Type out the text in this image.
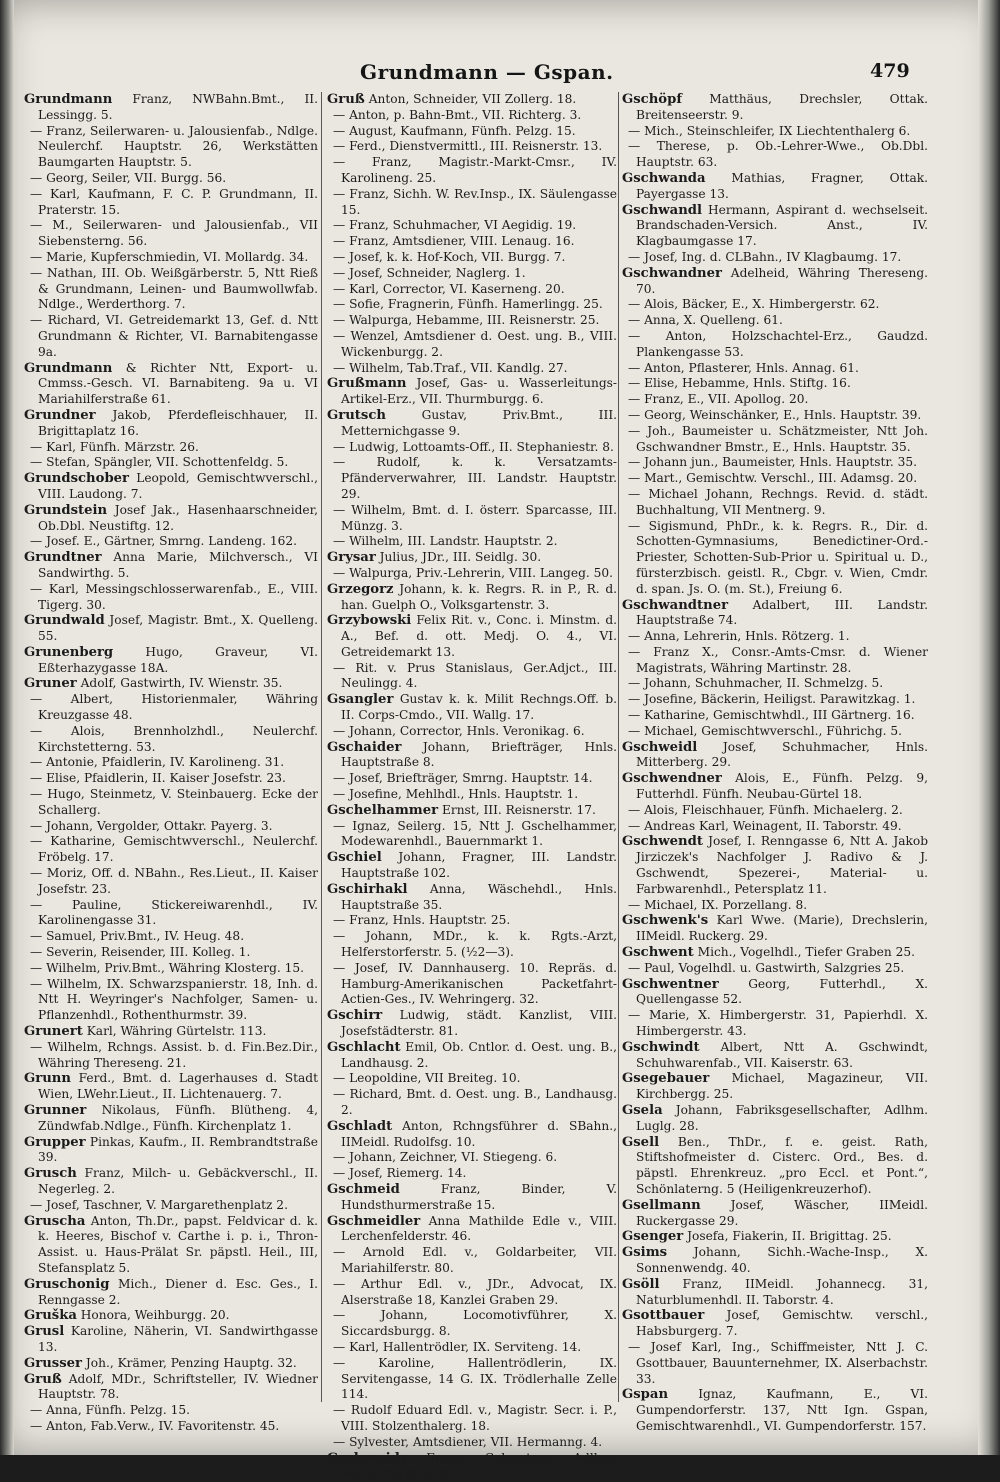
Grundmann — Gspan.	479

Grundmann Franz, NWBahn.Bmt., II. Lessingg. 5.

— Franz, Seilerwaren- u. Jalousienfab., Ndlge. Neulerchf. Hauptstr. 26, Werkstätten Baumgarten Hauptstr. 5.

— Georg, Seiler, VII. Burgg. 56.

— Karl, Kaufmann, F. C. P. Grundmann, II. Praterstr. 15.

— M., Seilerwaren- und Jalousienfab., VII Siebensterng. 56.

— Marie, Kupferschmiedin, VI. Mollardg. 34.

— Nathan, III. Ob. Weißgärberstr. 5, Ntt Rieß & Grundmann, Leinen- und Baumwollwfab. Ndlge., Werderthorg. 7.

— Richard, VI. Getreidemarkt 13, Gef. d. Ntt Grundmann & Richter, VI. Barnabitengasse 9a.

Grundmann & Richter Ntt, Export- u. Cmmss.-Gesch. VI. Barnabiteng. 9a u. VI Mariahilferstraße 61.

Grundner Jakob, Pferdefleischhauer, II. Brigittaplatz 16.

— Karl, Fünfh. Märzstr. 26.

— Stefan, Spängler, VII. Schottenfeldg. 5.

Grundschober Leopold, Gemischtwverschl., VIII. Laudong. 7.

Grundstein Josef Jak., Hasenhaarschneider, Ob.Dbl. Neustiftg. 12.

— Josef. E., Gärtner, Smrng. Landeng. 162.

Grundtner Anna Marie, Milchversch., VI Sandwirthg. 5.

— Karl, Messingschlosserwarenfab., E., VIII. Tigerg. 30.

Grundwald Josef, Magistr. Bmt., X. Quelleng. 55.

Grunenberg	Hugo, Graveur, VI. Eßterhazygasse 18A.

Gruner Adolf, Gastwirth, IV. Wienstr. 35.

— Albert, Historienmaler, Währing Kreuzgasse 48.

— Alois, Brennholzhdl., Neulerchf. Kirchstetterng. 53.

— Antonie, Pfaidlerin, IV. Karolineng. 31.

— Elise, Pfaidlerin, II. Kaiser Josefstr. 23.

— Hugo, Steinmetz, V. Steinbauerg. Ecke der Schallerg.

— Johann, Vergolder, Ottakr. Payerg. 3.

— Katharine, Gemischtwverschl., Neulerchf. Fröbelg. 17.

— Moriz, Off. d. NBahn., Res.Lieut., II. Kaiser Josefstr. 23.

— Pauline, Stickereiwarenhdl., IV. Karolinengasse 31.

— Samuel, Priv.Bmt., IV. Heug. 48.

— Severin, Reisender, III. Kolleg. 1.

— Wilhelm, Priv.Bmt., Währing Klosterg. 15.

— Wilhelm, IX. Schwarzspanierstr. 18, Inh. d. Ntt H. Weyringer's Nachfolger, Samen- u. Pflanzenhdl., Rothenthurmstr. 39.

Grunert Karl, Währing Gürtelstr. 113.

— Wilhelm, Rchngs. Assist. b. d. Fin.Bez.Dir., Währing Thereseng. 21.

Grunn Ferd., Bmt. d. Lagerhauses d. Stadt Wien, LWehr.Lieut., II. Lichtenauerg. 7.

Grunner Nikolaus, Fünfh. Blütheng. 4, Zündwfab.Ndlge., Fünfh. Kirchenplatz 1.

Grupper Pinkas, Kaufm., II. Rembrandtstraße 39.

Grusch Franz, Milch- u. Gebäckverschl., II. Negerleg. 2.

— Josef, Taschner, V. Margarethenplatz 2.

Gruscha Anton, Th.Dr., papst. Feldvicar d. k. k. Heeres, Bischof v. Carthe i. p. i., Thron-Assist. u. Haus-Prälat Sr. päpstl. Heil., III, Stefansplatz 5.

Gruschonig Mich., Diener d. Esc. Ges., I. Renngasse 2.

Gruška Honora, Weihburgg. 20.

Grusl Karoline, Näherin, VI. Sandwirthgasse 13.

Grusser Joh., Krämer, Penzing Hauptg. 32.

Gruß Adolf, MDr., Schriftsteller, IV. Wiedner Hauptstr. 78.

— Anna, Fünfh. Pelzg. 15.

— Anton, Fab.Verw., IV. Favoritenstr. 45.

Gruß Anton, Schneider, VII Zollerg. 18.

— Anton, p. Bahn-Bmt., VII. Richterg. 3.

— August, Kaufmann, Fünfh. Pelzg. 15.

— Ferd., Dienstvermittl., III. Reisnerstr. 13.

— Franz, Magistr.-Markt-Cmsr., IV. Karolineng. 25.

— Franz, Sichh. W. Rev.Insp., IX. Säulengasse 15.

— Franz, Schuhmacher, VI Aegidig. 19.

— Franz, Amtsdiener, VIII. Lenaug. 16.

— Josef, k. k. Hof-Koch, VII. Burgg. 7.

— Josef, Schneider, Naglerg. 1.

— Karl, Corrector, VI. Kaserneng. 20.

— Sofie, Fragnerin, Fünfh. Hamerlingg. 25.

— Walpurga, Hebamme, III. Reisnerstr. 25.

— Wenzel, Amtsdiener d. Oest. ung. B., VIII. Wickenburgg. 2.

— Wilhelm, Tab.Traf., VII. Kandlg. 27.

Grußmann Josef, Gas- u. Wasserleitungs-Artikel-Erz., VII. Thurmburgg. 6.

Grutsch	Gustav, Priv.Bmt., III. Metternichgasse 9.

— Ludwig, Lottoamts-Off., II. Stephaniestr. 8.

— Rudolf, k. k. Versatzamts-Pfänderverwahrer, III. Landstr. Hauptstr. 29.

— Wilhelm, Bmt. d. I. österr. Sparcasse, III. Münzg. 3.

— Wilhelm, III. Landstr. Hauptstr. 2.

Grysar Julius, JDr., III. Seidlg. 30.

— Walpurga, Priv.-Lehrerin, VIII. Langeg. 50.

Grzegorz Johann, k. k. Regrs. R. in P., R. d. han. Guelph O., Volksgartenstr. 3.

Grzybowski Felix Rit. v., Conc. i. Minstm. d. A., Bef. d. ott. Medj. O. 4., VI. Getreidemarkt 13.

— Rit. v. Prus Stanislaus, Ger.Adjct., III. Neulingg. 4.

Gsangler Gustav k. k. Milit Rechngs.Off. b. II. Corps-Cmdo., VII. Wallg. 17.

— Johann, Corrector, Hnls. Veronikag. 6.

Gschaider Johann, Briefträger, Hnls. Hauptstraße 8.

— Josef, Briefträger, Smrng. Hauptstr. 14.

— Josefine, Mehlhdl., Hnls. Hauptstr. 1.

Gschelhammer Ernst, III. Reisnerstr. 17.

— Ignaz, Seilerg. 15, Ntt J. Gschelhammer, Modewarenhdl., Bauernmarkt 1.

Gschiel Johann, Fragner, III. Landstr. Hauptstraße 102.

Gschirhakl Anna, Wäschehdl., Hnls. Hauptstraße 35.

— Franz, Hnls. Hauptstr. 25.

— Johann, MDr., k. k. Rgts.-Arzt, Helferstorferstr. 5. (½2—3).

— Josef, IV. Dannhauserg. 10. Repräs. d. Hamburg-Amerikanischen Packetfahrt-Actien-Ges., IV. Wehringerg. 32.

Gschirr Ludwig, städt. Kanzlist, VIII. Josefstädterstr. 81.

Gschlacht Emil, Ob. Cntlor. d. Oest. ung. B., Landhausg. 2.

— Leopoldine, VII Breiteg. 10.

— Richard, Bmt. d. Oest. ung. B., Landhausg. 2.

Gschladt Anton, Rchngsführer d. SBahn., IIMeidl. Rudolfsg. 10.

— Johann, Zeichner, VI. Stiegeng. 6.

— Josef, Riemerg. 14.

Gschmeid	Franz, Binder, V. Hundsthurmerstraße 15.

Gschmeidler Anna Mathilde Edle v., VIII. Lerchenfelderstr. 46.

— Arnold Edl. v., Goldarbeiter, VII. Mariahilferstr. 80.

— Arthur Edl. v., JDr., Advocat, IX. Alserstraße 18, Kanzlei Graben 29.

— Johann, Locomotivführer, X. Siccardsburgg. 8.

— Karl, Hallentrödler, IX. Serviteng. 14.

— Karoline, Hallentrödlerin, IX. Servitengasse, 14 G. IX. Trödlerhalle Zelle 114.

— Rudolf Eduard Edl. v., Magistr. Secr. i. P., VIII. Stolzenthalerg. 18.

— Sylvester, Amtsdiener, VII. Hermanng. 4.

Gschmeidy Franz, Colporteur, Adlhm. Stättermayerg. 5.

Gschöpf Matthäus, Drechsler, Ottak. Breitenseerstr. 9.

— Mich., Steinschleifer, IX Liechtenthalerg 6.

— Therese, p. Ob.-Lehrer-Wwe., Ob.Dbl. Hauptstr. 63.

Gschwanda Mathias, Fragner, Ottak. Payergasse 13.

Gschwandl Hermann, Aspirant d. wechselseit. Brandschaden-Versich. Anst., IV. Klagbaumgasse 17.

— Josef, Ing. d. CLBahn., IV Klagbaumg. 17.

Gschwandner Adelheid, Währing Thereseng. 70.

— Alois, Bäcker, E., X. Himbergerstr. 62.

— Anna, X. Quelleng. 61.

— Anton, Holzschachtel-Erz., Gaudzd. Plankengasse 53.

— Anton, Pflasterer, Hnls. Annag. 61.

— Elise, Hebamme, Hnls. Stiftg. 16.

— Franz, E., VII. Apollog. 20.

— Georg, Weinschänker, E., Hnls. Hauptstr. 39.

— Joh., Baumeister u. Schätzmeister, Ntt Joh. Gschwandner Bmstr., E., Hnls. Hauptstr. 35.

— Johann jun., Baumeister, Hnls. Hauptstr. 35.

— Mart., Gemischtw. Verschl., III. Adamsg. 20.

— Michael Johann, Rechngs. Revid. d. städt. Buchhaltung, VII Mentnerg. 9.

— Sigismund, PhDr., k. k. Regrs. R., Dir. d. Schotten-Gymnasiums, Benedictiner-Ord.-Priester, Schotten-Sub-Prior u. Spiritual u. D., fürsterzbisch. geistl. R., Cbgr. v. Wien, Cmdr. d. span. Js. O. (m. St.), Freiung 6.

Gschwandtner Adalbert, III. Landstr. Hauptstraße 74.

— Anna, Lehrerin, Hnls. Rötzerg. 1.

— Franz X., Consr.-Amts-Cmsr. d. Wiener Magistrats, Währing Martinstr. 28.

— Johann, Schuhmacher, II. Schmelzg. 5.

— Josefine, Bäckerin, Heiligst. Parawitzkag. 1.

— Katharine, Gemischtwhdl., III Gärtnerg. 16.

— Michael, Gemischtwverschl., Führichg. 5.

Gschweidl Josef, Schuhmacher, Hnls. Mitterberg. 29.

Gschwendner Alois, E., Fünfh. Pelzg. 9, Futterhdl. Fünfh. Neubau-Gürtel 18.

— Alois, Fleischhauer, Fünfh. Michaelerg. 2.

— Andreas Karl, Weinagent, II. Taborstr. 49.

Gschwendt Josef, I. Renngasse 6, Ntt A. Jakob Jirziczek's Nachfolger J. Radivo & J. Gschwendt, Spezerei-, Material- u. Farbwarenhdl., Petersplatz 11.

— Michael, IX. Porzellang. 8.

Gschwenk's Karl Wwe. (Marie), Drechslerin, IIMeidl. Ruckerg. 29.

Gschwent Mich., Vogelhdl., Tiefer Graben 25.

— Paul, Vogelhdl. u. Gastwirth, Salzgries 25.

Gschwentner Georg, Futterhdl., X. Quellengasse 52.

— Marie, X. Himbergerstr. 31, Papierhdl. X. Himbergerstr. 43.

Gschwindt Albert, Ntt A. Gschwindt, Schuhwarenfab., VII. Kaiserstr. 63.

Gsegebauer Michael, Magazineur, VII. Kirchbergg. 25.

Gsela Johann, Fabriksgesellschafter, Adlhm. Luglg. 28.

Gsell Ben., ThDr., f. e. geist. Rath, Stiftshofmeister d. Cisterc. Ord., Bes. d. päpstl. Ehrenkreuz. „pro Eccl. et Pont.“, Schönlaterng. 5 (Heiligenkreuzerhof).

Gsellmann Josef, Wäscher, IIMeidl. Ruckergasse 29.

Gsenger Josefa, Fiakerin, II. Brigittag. 25.

Gsims Johann, Sichh.-Wache-Insp., X. Sonnenwendg. 40.

Gsöll Franz, IIMeidl. Johanneсg. 31, Naturblumenhdl. II. Taborstr. 4.

Gsottbauer Josef, Gemischtw. verschl., Habsburgerg. 7.

— Josef Karl, Ing., Schiffmeister, Ntt J. C. Gsottbauer, Bauunternehmer, IX. Alserbachstr. 33.

Gspan Ignaz, Kaufmann, E., VI. Gumpendorferstr. 137, Ntt Ign. Gspan, Gemischtwarenhdl., VI. Gumpendorferstr. 157.
